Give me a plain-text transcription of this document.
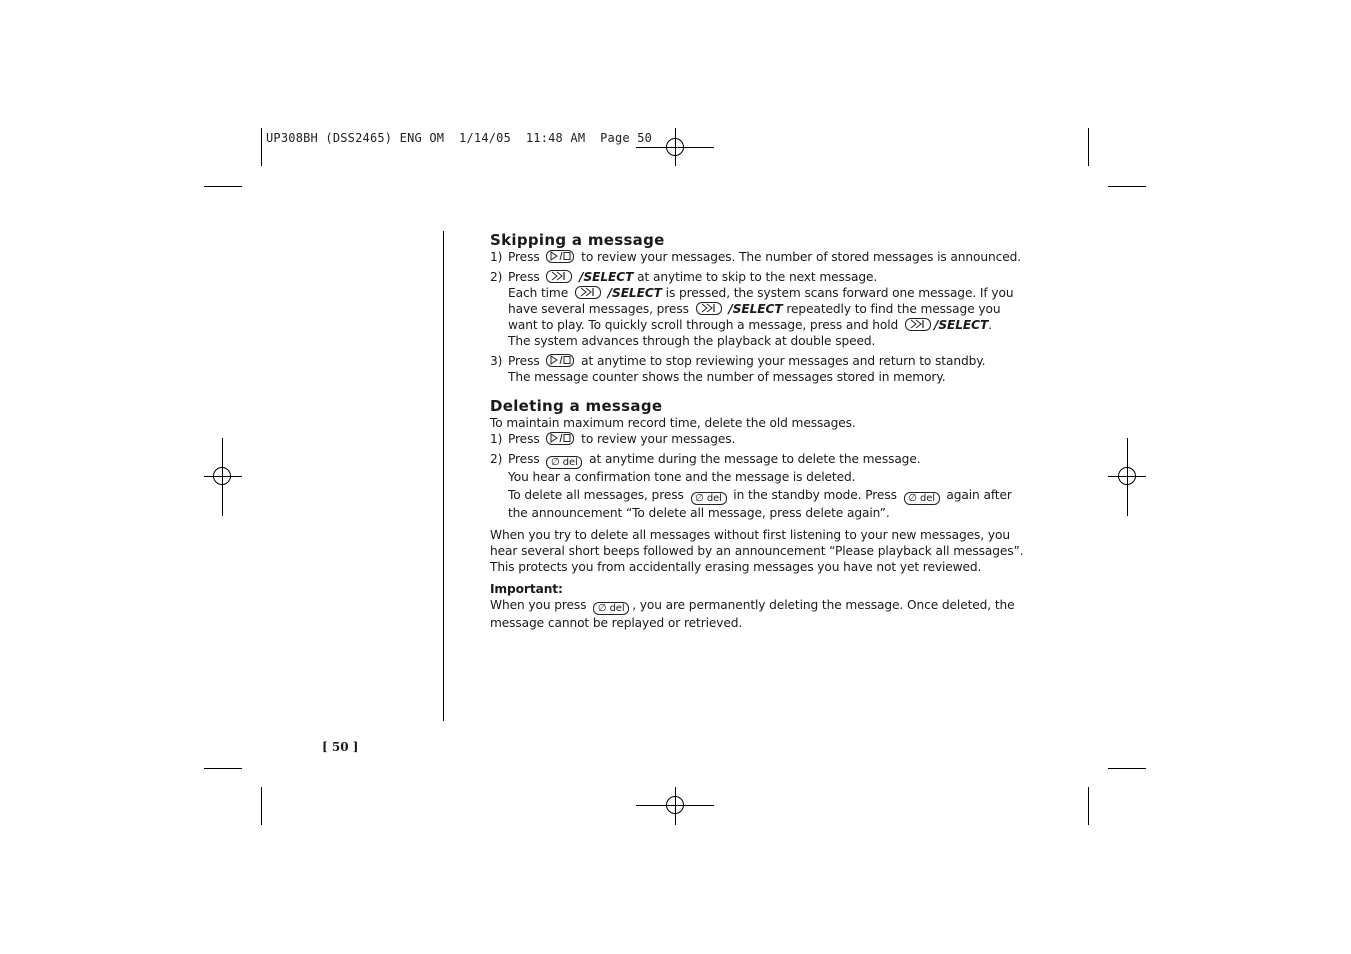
UP308BH (DSS2465) ENG OM  1/14/05  11:48 AM  Page 50
[ 50 ]
Skipping a message
1) Press	to review your messages. The number of stored messages is announced.
2) Press	/SELECT at anytime to skip to the next message.
Each time	/SELECT is pressed, the system scans forward one message. If you
have several messages, press	/SELECT repeatedly to find the message you
want to play. To quickly scroll through a message, press and hold	/SELECT.
The system advances through the playback at double speed.
3) Press	at anytime to stop reviewing your messages and return to standby.
The message counter shows the number of messages stored in memory.
Deleting a message
To maintain maximum record time, delete the old messages.
1) Press	to review your messages.
2) Press ∅ del at anytime during the message to delete the message.
You hear a confirmation tone and the message is deleted.
To delete all messages, press ∅ del in the standby mode. Press ∅ del again after
the announcement “To delete all message, press delete again”.
When you try to delete all messages without first listening to your new messages, you hear several short beeps followed by an announcement “Please playback all messages”. This protects you from accidentally erasing messages you have not yet reviewed.
Important:
When you press ∅ del , you are permanently deleting the message. Once deleted, the message cannot be replayed or retrieved.
